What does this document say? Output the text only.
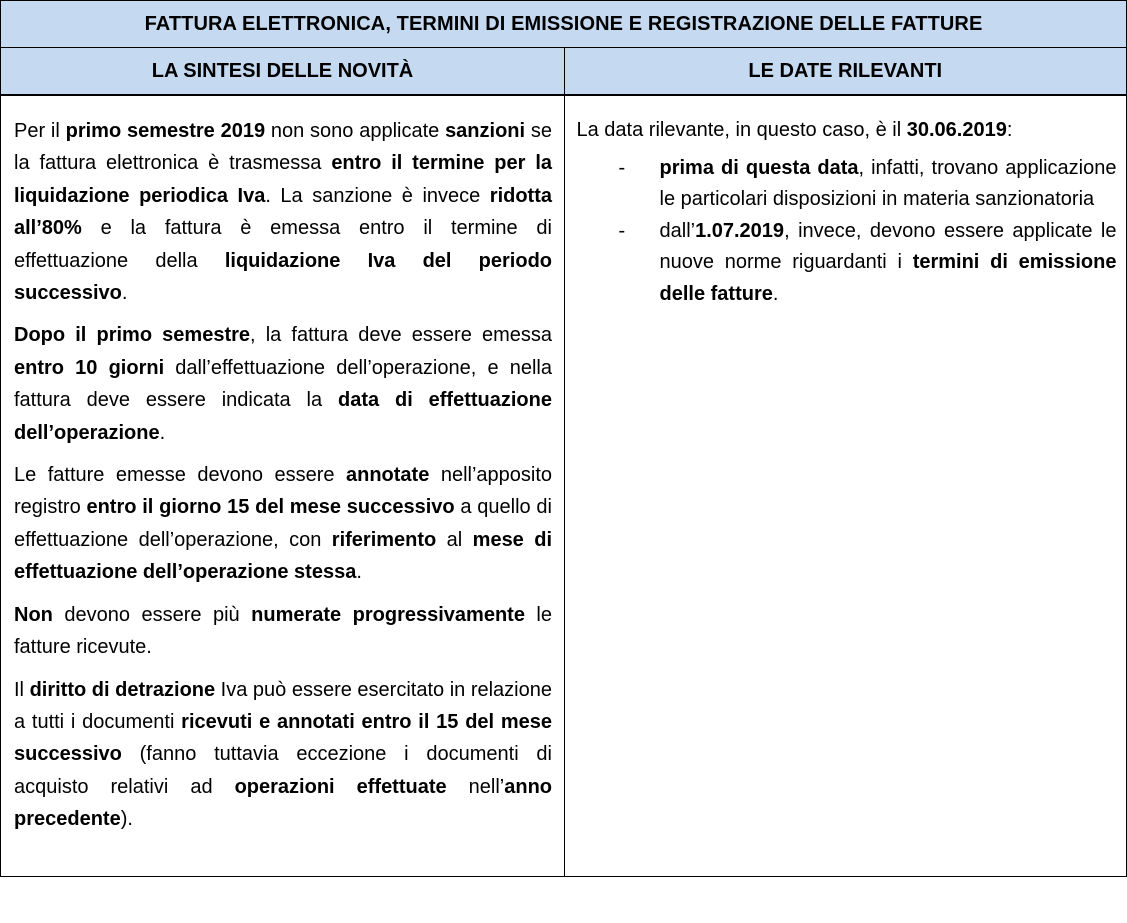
FATTURA ELETTRONICA, TERMINI DI EMISSIONE E REGISTRAZIONE DELLE FATTURE
LA SINTESI DELLE NOVITÀ	LE DATE RILEVANTI

Per il primo semestre 2019 non sono applicate sanzioni se la fattura elettronica è trasmessa entro il termine per la liquidazione periodica Iva. La sanzione è invece ridotta all’80% e la fattura è emessa entro il termine di effettuazione della liquidazione Iva del periodo successivo.

Dopo il primo semestre, la fattura deve essere emessa entro 10 giorni dall’effettuazione dell’operazione, e nella fattura deve essere indicata la data di effettuazione dell’operazione.

Le fatture emesse devono essere annotate nell’apposito registro entro il giorno 15 del mese successivo a quello di effettuazione dell’operazione, con riferimento al mese di effettuazione dell’operazione stessa.

Non devono essere più numerate progressivamente le fatture ricevute.

Il diritto di detrazione Iva può essere esercitato in relazione a tutti i documenti ricevuti e annotati entro il 15 del mese successivo (fanno tuttavia eccezione i documenti di acquisto relativi ad operazioni effettuate nell’anno precedente).

La data rilevante, in questo caso, è il 30.06.2019:

- prima di questa data, infatti, trovano applicazione le particolari disposizioni in materia sanzionatoria
- dall’1.07.2019, invece, devono essere applicate le nuove norme riguardanti i termini di emissione delle fatture.
